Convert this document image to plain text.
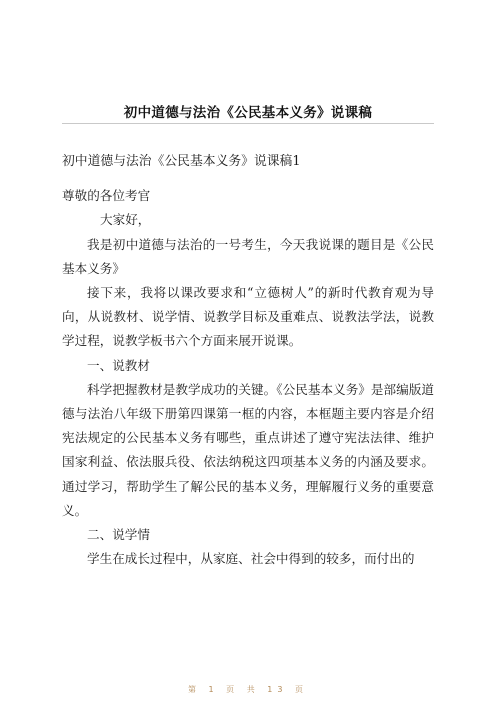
初中道德与法治《公民基本义务》说课稿

初中道德与法治《公民基本义务》说课稿1

尊敬的各位考官

大家好，

我是初中道德与法治的一号考生，今天我说课的题目是《公民基本义务》

接下来，我将以课改要求和“立德树人”的新时代教育观为导向，从说教材、说学情、说教学目标及重难点、说教法学法，说教学过程，说教学板书六个方面来展开说课。

一、说教材

科学把握教材是教学成功的关键。《公民基本义务》是部编版道德与法治八年级下册第四课第一框的内容，本框题主要内容是介绍宪法规定的公民基本义务有哪些，重点讲述了遵守宪法法律、维护国家利益、依法服兵役、依法纳税这四项基本义务的内涵及要求。通过学习，帮助学生了解公民的基本义务，理解履行义务的重要意义。

二、说学情

学生在成长过程中，从家庭、社会中得到的较多，而付出的

第 1 页 共 13 页
